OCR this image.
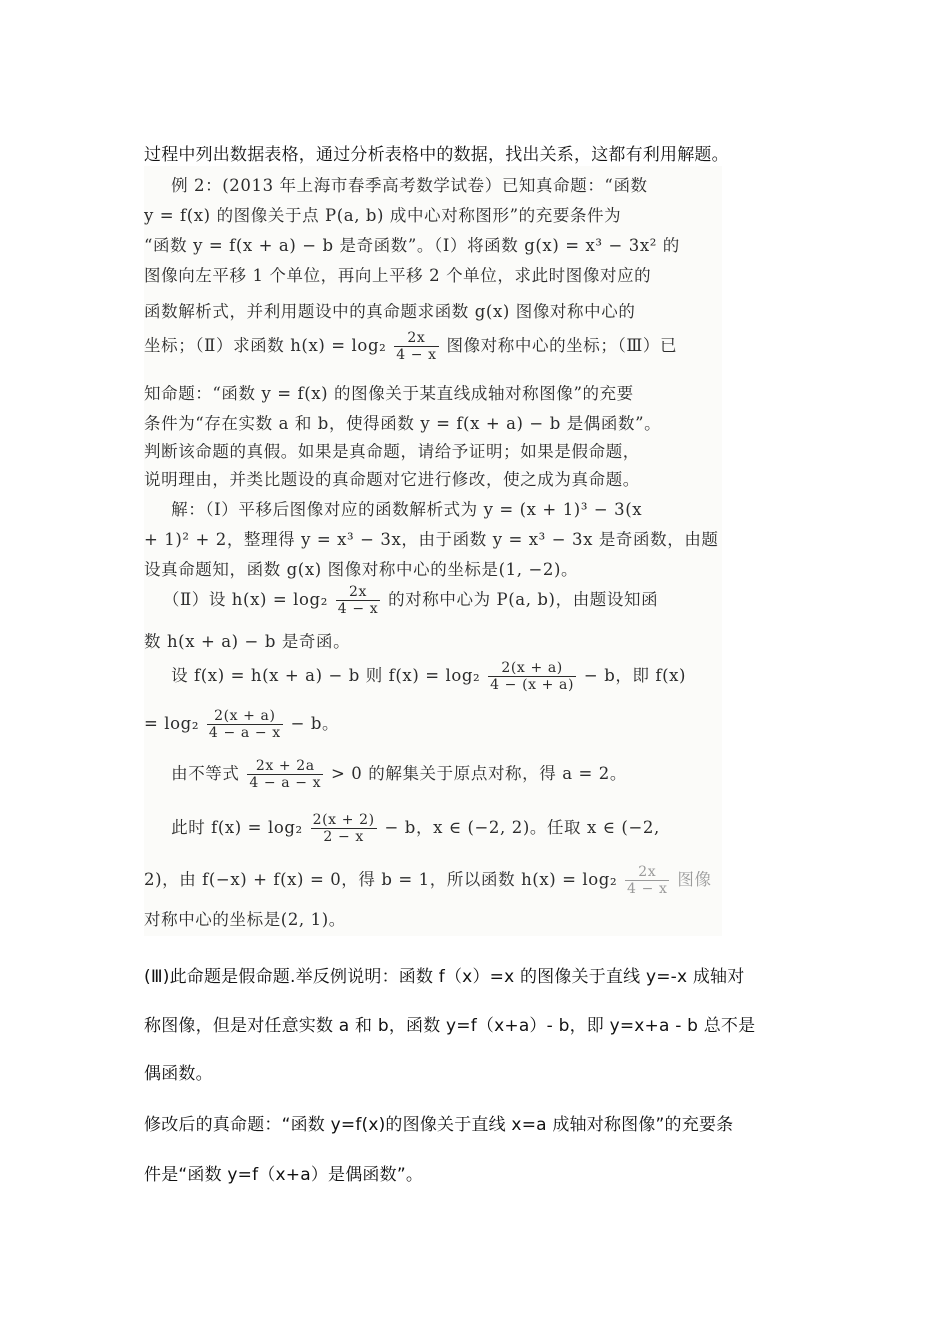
过程中列出数据表格，通过分析表格中的数据，找出关系，这都有利用解题。
　例 2：(2013 年上海市春季高考数学试卷）已知真命题：“函数
y = f(x) 的图像关于点 P(a, b) 成中心对称图形”的充要条件为
“函数 y = f(x + a) − b 是奇函数”。（Ⅰ）将函数 g(x) = x³ − 3x² 的
图像向左平移 1 个单位，再向上平移 2 个单位，求此时图像对应的
函数解析式，并利用题设中的真命题求函数 g(x) 图像对称中心的
坐标；（Ⅱ）求函数 $h(x) = \log_2 \frac{2x}{4 - x}$ 图像对称中心的坐标；（Ⅲ）已
知命题：“函数 y = f(x) 的图像关于某直线成轴对称图像”的充要
条件为“存在实数 a 和 b，使得函数 y = f(x + a) − b 是偶函数”。
判断该命题的真假。如果是真命题，请给予证明；如果是假命题，
说明理由，并类比题设的真命题对它进行修改，使之成为真命题。
　解：（Ⅰ）平移后图像对应的函数解析式为 y = (x + 1)³ − 3(x
+ 1)² + 2，整理得 y = x³ − 3x，由于函数 y = x³ − 3x 是奇函数，由题
设真命题知，函数 g(x) 图像对称中心的坐标是(1, −2)。
　（Ⅱ）设 $h(x) = \log_2 \frac{2x}{4 - x}$ 的对称中心为 P(a, b)，由题设知函
数 h(x + a) − b 是奇函。
　设 f(x) = h(x + a) − b 则 $f(x) = \log_2 \frac{2(x + a)}{4 - (x + a)} - b$，即 f(x)
= $\log_2 \frac{2(x + a)}{4 - a - x} - b$。
　由不等式 $\frac{2x + 2a}{4 - a - x} > 0$ 的解集关于原点对称，得 a = 2。
　此时 $f(x) = \log_2 \frac{2(x + 2)}{2 - x} - b$，x ∈ (−2, 2)。任取 x ∈ (−2,
2)，由 f(−x) + f(x) = 0，得 b = 1，所以函数 $h(x) = \log_2 \frac{2x}{4 - x}$ 图像
对称中心的坐标是(2, 1)。
(Ⅲ)此命题是假命题.举反例说明：函数 f（x）=x 的图像关于直线 y=-x 成轴对
称图像，但是对任意实数 a 和 b，函数 y=f（x+a）- b，即 y=x+a - b 总不是
偶函数。
修改后的真命题：“函数 y=f(x)的图像关于直线 x=a 成轴对称图像”的充要条
件是“函数 y=f（x+a）是偶函数”。
